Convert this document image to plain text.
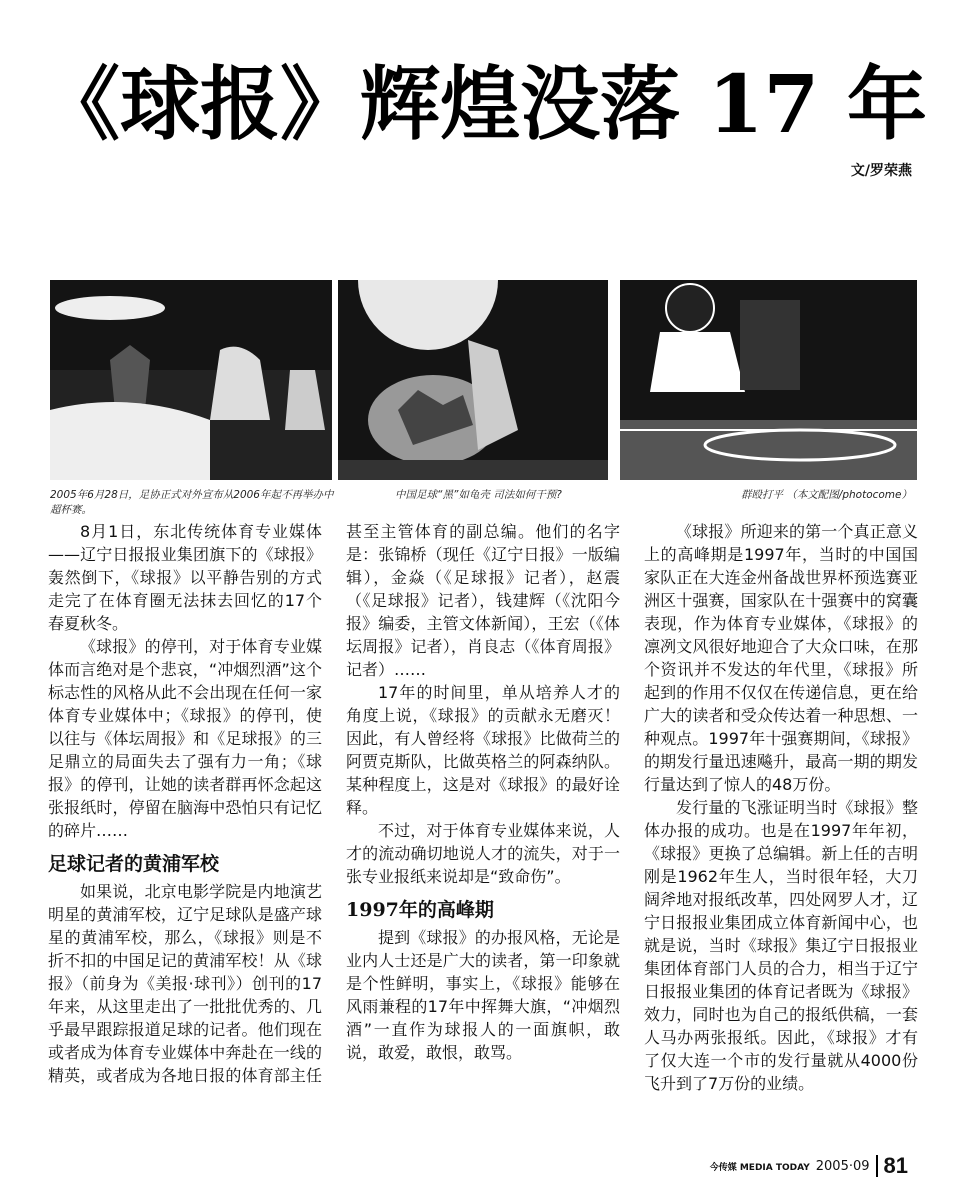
《球报》辉煌没落 17 年
文/罗荣燕
2005年6月28日，足协正式对外宣布从2006年起不再举办中超杯赛。
中国足球“黑”如龟壳 司法如何干预?	群殴打平 （本文配图/photocome）

8月1日，东北传统体育专业媒体——辽宁日报报业集团旗下的《球报》轰然倒下，《球报》以平静告别的方式走完了在体育圈无法抹去回忆的17个春夏秋冬。

《球报》的停刊，对于体育专业媒体而言绝对是个悲哀，“冲烟烈酒”这个标志性的风格从此不会出现在任何一家体育专业媒体中；《球报》的停刊，使以往与《体坛周报》和《足球报》的三足鼎立的局面失去了强有力一角；《球报》的停刊，让她的读者群再怀念起这张报纸时，停留在脑海中恐怕只有记忆的碎片……

足球记者的黄浦军校

如果说，北京电影学院是内地演艺明星的黄浦军校，辽宁足球队是盛产球星的黄浦军校，那么，《球报》则是不折不扣的中国足记的黄浦军校！从《球报》（前身为《美报·球刊》）创刊的17年来，从这里走出了一批批优秀的、几乎最早跟踪报道足球的记者。他们现在或者成为体育专业媒体中奔赴在一线的精英，或者成为各地日报的体育部主任甚至主管体育的副总编。他们的名字是：张锦桥（现任《辽宁日报》一版编辑），金焱（《足球报》记者），赵震（《足球报》记者），钱建辉（《沈阳今报》编委，主管文体新闻），王宏（《体坛周报》记者），肖良志（《体育周报》记者）……

17年的时间里，单从培养人才的角度上说，《球报》的贡献永无磨灭！因此，有人曾经将《球报》比做荷兰的阿贾克斯队，比做英格兰的阿森纳队。某种程度上，这是对《球报》的最好诠释。

不过，对于体育专业媒体来说，人才的流动确切地说人才的流失，对于一张专业报纸来说却是“致命伤”。

1997年的高峰期

提到《球报》的办报风格，无论是业内人士还是广大的读者，第一印象就是个性鲜明，事实上，《球报》能够在风雨兼程的17年中挥舞大旗，“冲烟烈酒”一直作为球报人的一面旗帜，敢说，敢爱，敢恨，敢骂。

《球报》所迎来的第一个真正意义上的高峰期是1997年，当时的中国国家队正在大连金州备战世界杯预选赛亚洲区十强赛，国家队在十强赛中的窝囊表现，作为体育专业媒体，《球报》的凛冽文风很好地迎合了大众口味，在那个资讯并不发达的年代里，《球报》所起到的作用不仅仅在传递信息，更在给广大的读者和受众传达着一种思想、一种观点。1997年十强赛期间，《球报》的期发行量迅速飚升，最高一期的期发行量达到了惊人的48万份。

发行量的飞涨证明当时《球报》整体办报的成功。也是在1997年年初，《球报》更换了总编辑。新上任的吉明刚是1962年生人，当时很年轻，大刀阔斧地对报纸改革，四处网罗人才，辽宁日报报业集团成立体育新闻中心，也就是说，当时《球报》集辽宁日报报业集团体育部门人员的合力，相当于辽宁日报报业集团的体育记者既为《球报》效力，同时也为自己的报纸供稿，一套人马办两张报纸。因此，《球报》才有了仅大连一个市的发行量就从4000份飞升到了7万份的业绩。

今传媒 MEDIA TODAY 2005·09 81
